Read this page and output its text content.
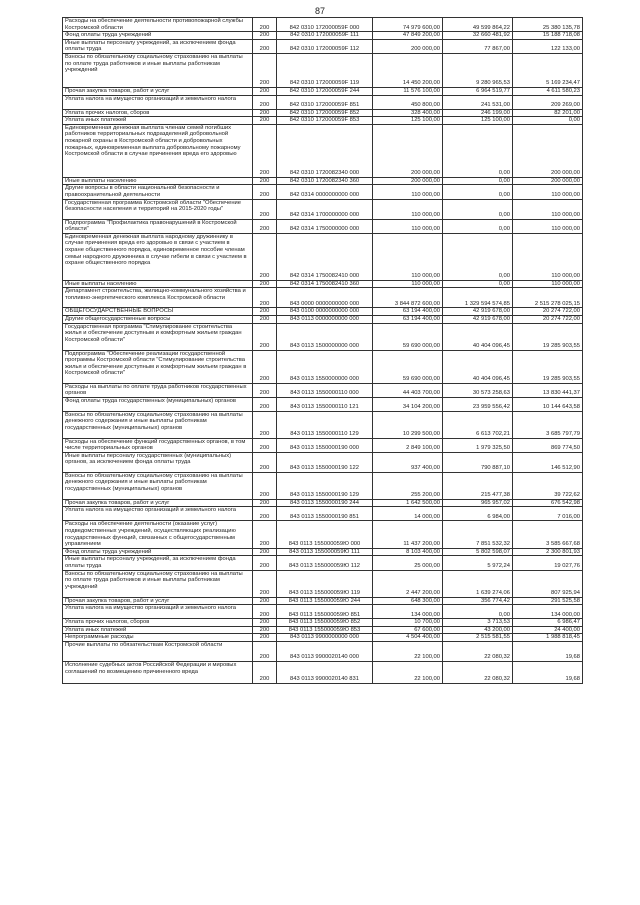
87
Расходы на обеспечение деятельности противопожарной службы Костромской области	200	842 0310 172000059F 000	74 979 600,00	49 599 864,22	25 380 135,78
Фонд оплаты труда учреждений	200	842 0310 172000059F 111	47 849 200,00	32 660 481,92	15 188 718,08
Иные выплаты персоналу учреждений, за исключением фонда оплаты труда	200	842 0310 172000059F 112	200 000,00	77 867,00	122 133,00
Взносы по обязательному социальному страхованию на выплаты по оплате труда работников и иные выплаты работникам учреждений	200	842 0310 172000059F 119	14 450 200,00	9 280 965,53	5 169 234,47
Прочая закупка товаров, работ и услуг	200	842 0310 172000059F 244	11 576 100,00	6 964 519,77	4 611 580,23
Уплата налога на имущество организаций и земельного налога	200	842 0310 172000059F 851	450 800,00	241 531,00	209 269,00
Уплата прочих налогов, сборов	200	842 0310 172000059F 852	328 400,00	246 199,00	82 201,00
Уплата иных платежей	200	842 0310 172000059F 853	125 100,00	125 100,00	0,00
Единовременная денежная выплата членам семей погибших работников территориальных подразделений добровольной пожарной охраны в Костромской области и добровольных пожарных, единовременная выплата добровольному пожарному Костромской области в случае причинения вреда его здоровью	200	842 0310 1720082340 000	200 000,00	0,00	200 000,00
Иные выплаты населению	200	842 0310 1720082340 360	200 000,00	0,00	200 000,00
Другие вопросы в области национальной безопасности и правоохранительной деятельности	200	842 0314 0000000000 000	110 000,00	0,00	110 000,00
Государственная программа Костромской области "Обеспечение безопасности населения и территорий на 2015-2020 годы"	200	842 0314 1700000000 000	110 000,00	0,00	110 000,00
Подпрограмма "Профилактика правонарушений в Костромской области"	200	842 0314 1750000000 000	110 000,00	0,00	110 000,00
Единовременная денежная выплата народному дружиннику в случае причинения вреда его здоровью в связи с участием в охране общественного порядка, единовременное пособие членам семьи народного дружинника в случае гибели в связи с участием в охране общественного порядка	200	842 0314 1750082410 000	110 000,00	0,00	110 000,00
Иные выплаты населению	200	842 0314 1750082410 360	110 000,00	0,00	110 000,00
Департамент строительства, жилищно-коммунального хозяйства и топливно-энергетического комплекса Костромской области	200	843 0000 0000000000 000	3 844 872 600,00	1 329 594 574,85	2 515 278 025,15
ОБЩЕГОСУДАРСТВЕННЫЕ ВОПРОСЫ	200	843 0100 0000000000 000	63 194 400,00	42 919 678,00	20 274 722,00
Другие общегосударственные вопросы	200	843 0113 0000000000 000	63 194 400,00	42 919 678,00	20 274 722,00
Государственная программа "Стимулирование строительства жилья и обеспечение доступным и комфортным жильем граждан Костромской области"	200	843 0113 1500000000 000	59 690 000,00	40 404 096,45	19 285 903,55
Подпрограмма "Обеспечение реализации государственной программы Костромской области "Стимулирование строительства жилья и обеспечение доступным и комфортным жильем граждан в Костромской области"	200	843 0113 1550000000 000	59 690 000,00	40 404 096,45	19 285 903,55
Расходы на выплаты по оплате труда работников государственных органов	200	843 0113 1550000110 000	44 403 700,00	30 573 258,63	13 830 441,37
Фонд оплаты труда государственных (муниципальных) органов	200	843 0113 1550000110 121	34 104 200,00	23 959 556,42	10 144 643,58
Взносы по обязательному социальному страхованию на выплаты денежного содержания и иные выплаты работникам государственных (муниципальных) органов	200	843 0113 1550000110 129	10 299 500,00	6 613 702,21	3 685 797,79
Расходы на обеспечение функций государственных органов, в том числе территориальных органов	200	843 0113 1550000190 000	2 849 100,00	1 979 325,50	869 774,50
Иные выплаты персоналу государственных (муниципальных) органов, за исключением фонда оплаты труда	200	843 0113 1550000190 122	937 400,00	790 887,10	146 512,90
Взносы по обязательному социальному страхованию на выплаты денежного содержания и иные выплаты работникам государственных (муниципальных) органов	200	843 0113 1550000190 129	255 200,00	215 477,38	39 722,62
Прочая закупка товаров, работ и услуг	200	843 0113 1550000190 244	1 642 500,00	965 957,02	676 542,98
Уплата налога на имущество организаций и земельного налога	200	843 0113 1550000190 851	14 000,00	6 984,00	7 016,00
Расходы на обеспечение деятельности (оказание услуг) подведомственных учреждений, осуществляющих реализацию государственных функций, связанных с общегосударственным управлением	200	843 0113 155000059Ю 000	11 437 200,00	7 851 532,32	3 585 667,68
Фонд оплаты труда учреждений	200	843 0113 155000059Ю 111	8 103 400,00	5 802 598,07	2 300 801,93
Иные выплаты персоналу учреждений, за исключением фонда оплаты труда	200	843 0113 155000059Ю 112	25 000,00	5 972,24	19 027,76
Взносы по обязательному социальному страхованию на выплаты по оплате труда работников и иные выплаты работникам учреждений	200	843 0113 155000059Ю 119	2 447 200,00	1 639 274,06	807 925,94
Прочая закупка товаров, работ и услуг	200	843 0113 155000059Ю 244	648 300,00	356 774,42	291 525,58
Уплата налога на имущество организаций и земельного налога	200	843 0113 155000059Ю 851	134 000,00	0,00	134 000,00
Уплата прочих налогов, сборов	200	843 0113 155000059Ю 852	10 700,00	3 713,53	6 986,47
Уплата иных платежей	200	843 0113 155000059Ю 853	67 600,00	43 200,00	24 400,00
Непрограммные расходы	200	843 0113 9900000000 000	4 504 400,00	2 515 581,55	1 988 818,45
Прочие выплаты по обязательствам Костромской области	200	843 0113 9900020140 000	22 100,00	22 080,32	19,68
Исполнение судебных актов Российской Федерации и мировых соглашений по возмещению причиненного вреда	200	843 0113 9900020140 831	22 100,00	22 080,32	19,68
